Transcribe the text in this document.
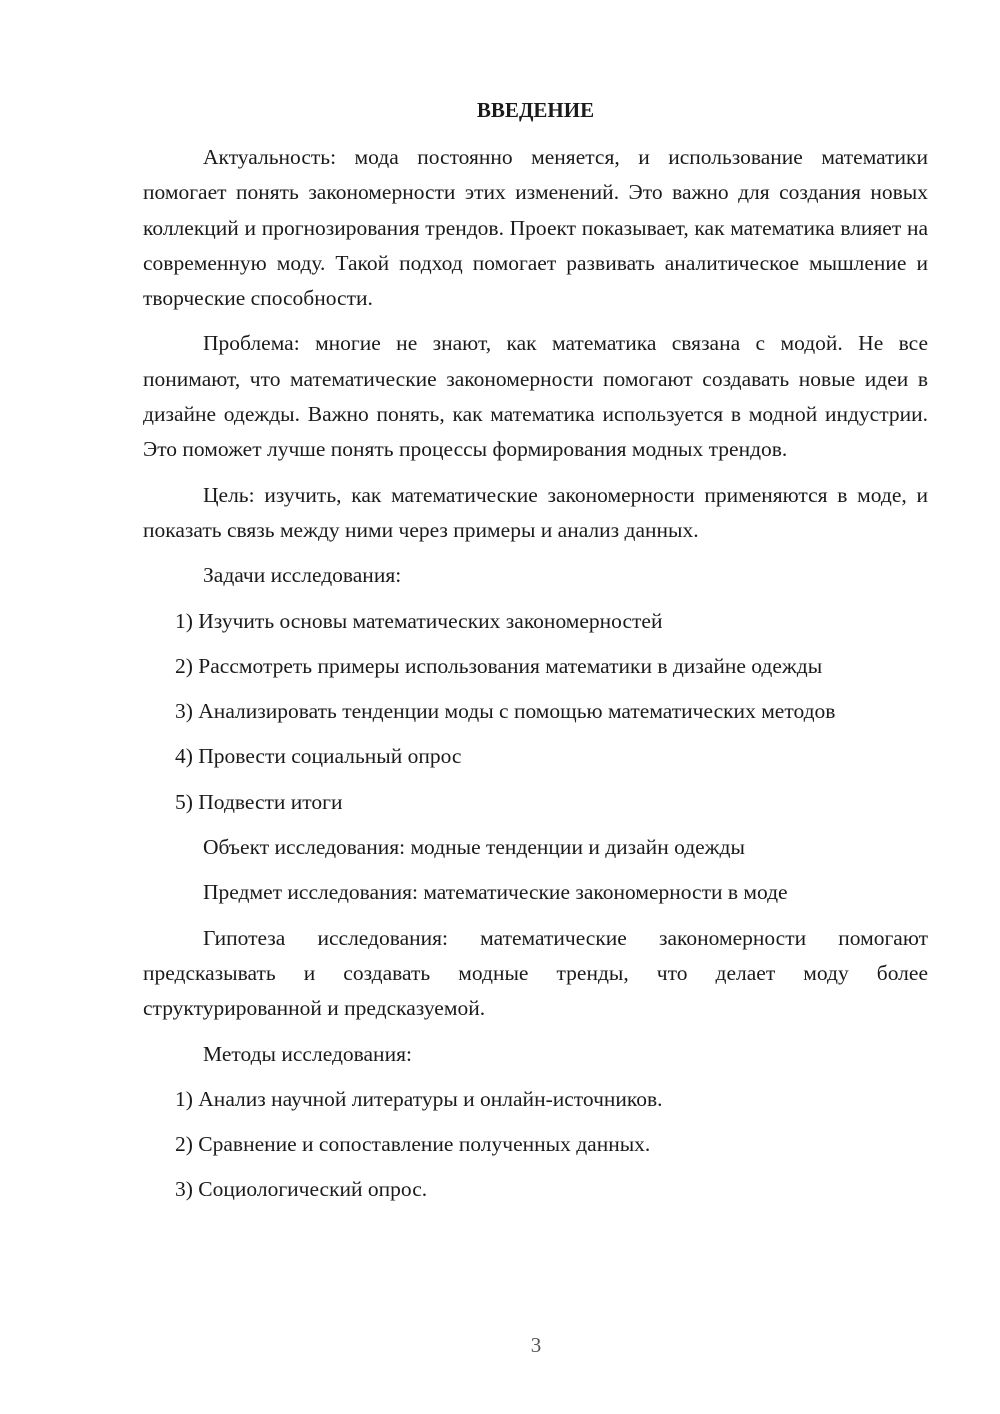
ВВЕДЕНИЕ
Актуальность: мода постоянно меняется, и использование математики помогает понять закономерности этих изменений. Это важно для создания новых коллекций и прогнозирования трендов. Проект показывает, как математика влияет на современную моду. Такой подход помогает развивать аналитическое мышление и творческие способности.
Проблема: многие не знают, как математика связана с модой. Не все понимают, что математические закономерности помогают создавать новые идеи в дизайне одежды. Важно понять, как математика используется в модной индустрии. Это поможет лучше понять процессы формирования модных трендов.
Цель: изучить, как математические закономерности применяются в моде, и показать связь между ними через примеры и анализ данных.
Задачи исследования:
1) Изучить основы математических закономерностей
2) Рассмотреть примеры использования математики в дизайне одежды
3) Анализировать тенденции моды с помощью математических методов
4) Провести социальный опрос
5) Подвести итоги
Объект исследования: модные тенденции и дизайн одежды
Предмет исследования: математические закономерности в моде
Гипотеза исследования: математические закономерности помогают предсказывать и создавать модные тренды, что делает моду более структурированной и предсказуемой.
Методы исследования:
1) Анализ научной литературы и онлайн-источников.
2) Сравнение и сопоставление полученных данных.
3) Социологический опрос.
3
